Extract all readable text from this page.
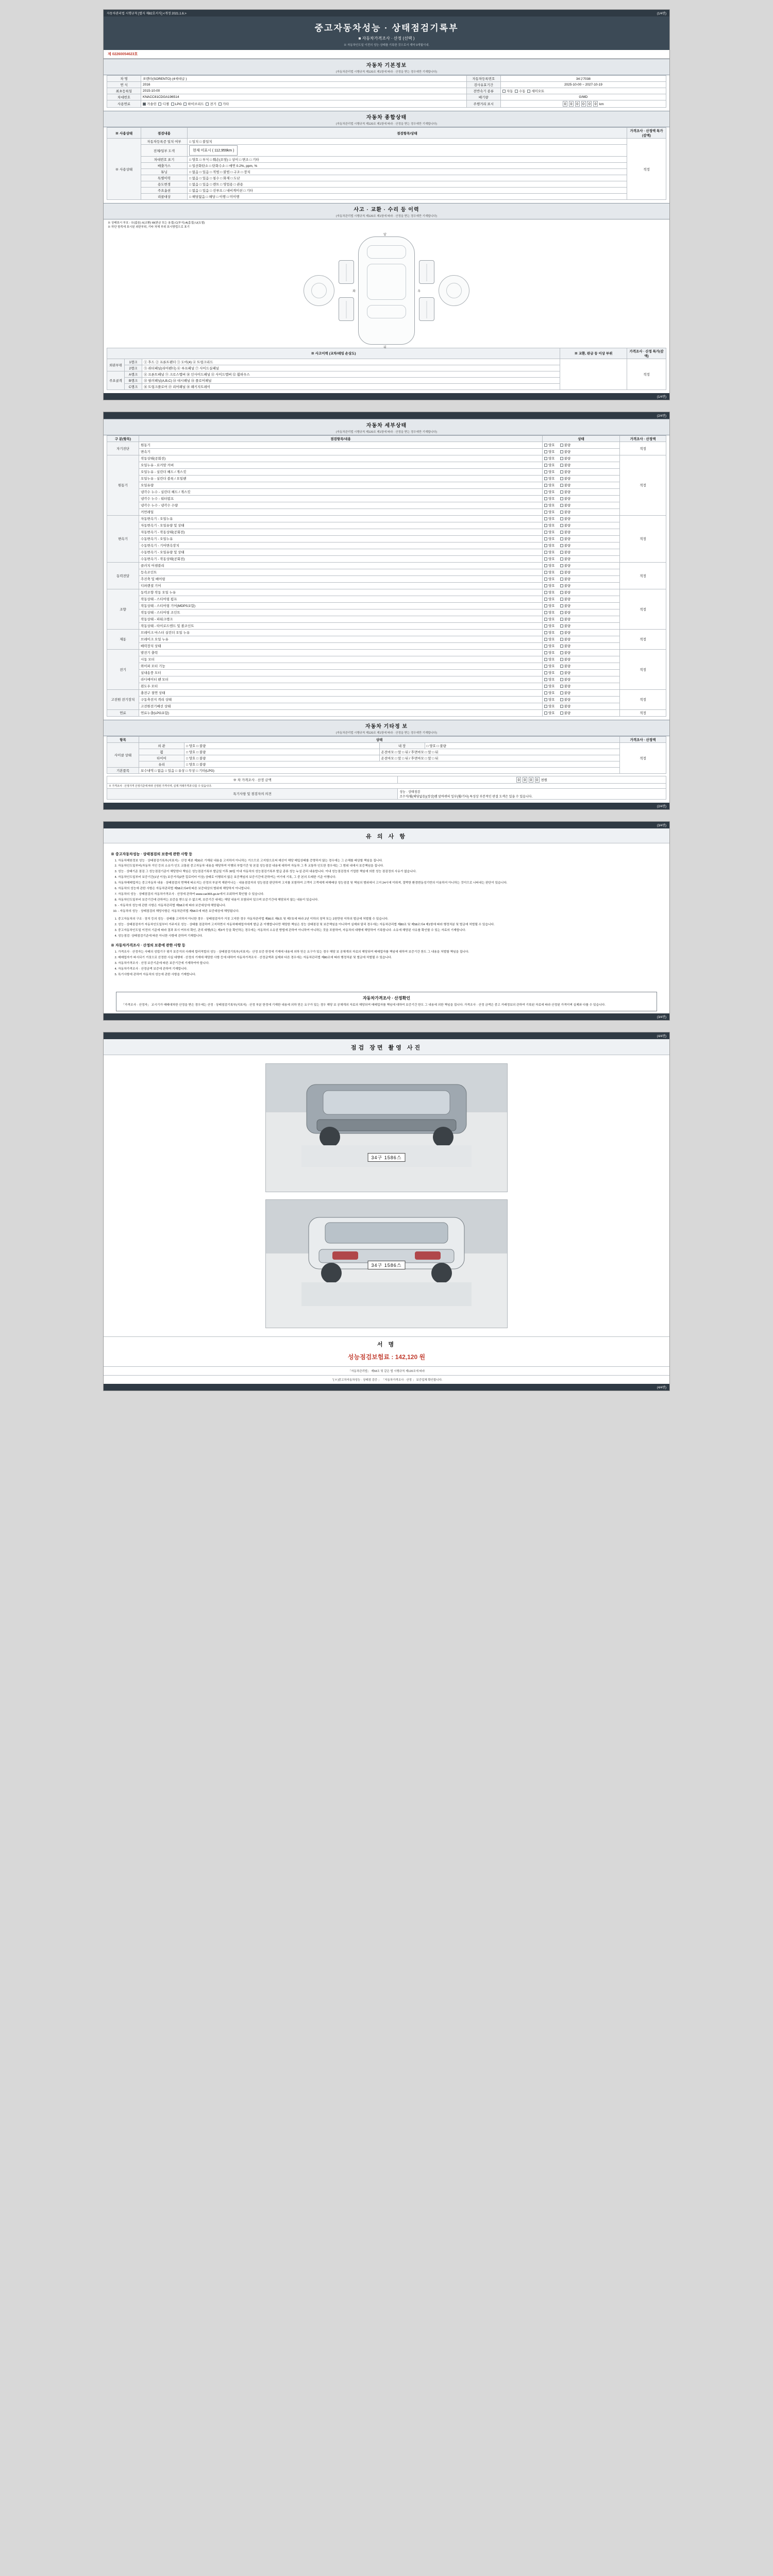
자동차관리법 시행규칙 [별지 제82호서식] <개정 2021.1.6.>	(1/4면)
중고자동차성능 · 상태점검기록부
■ 자동차가격조사 · 산정 (선택 )
※ 자동차인도일 이전의 성능·상태를 기록한 것으로서 계약 3개월이내.
제 02260054623호
자동차 기본정보
(자동차관리법 시행규칙 제120조 제1항에 따라 · 산정을 받는 경우에만 기재합니다)
차 명	쏘렌타(SORENTO) (4세대급 )	자동차등록번호	34구7038
연 식	2016	검사유효기간	2025-10-00 ~ 2027-10-19
최초등록일	2015-10-00	전반속기 종류	자동 수동 세미오토
차대번호	KNACC81CDGA196514	배기량	G/MD
사용연료	가솔린 디젤 LPG 하이브리드 전기 기타	주행거리 표시	0 0 0 0 0 0 km
자동차 종합상태
(자동차관리법 시행규칙 제120조 제1항에 따라 · 산정을 받는 경우에만 기재합니다)
※ 사용상태	점검내용	점검항목/상태	가격조사 · 산정액 특가(감액)
※ 사용상태	자동차등록증 일치 여부	□ 일치 □ 불일치	적정
	전체/일부 도색	현재 미표시 ( 112,959km )	
	차대번호 표기	□ 양호 □ 부식 □ 훼손(오염) □ 상이 □ 변조 □ 기타	
	배출가스	□ 일산화탄소 □ 탄화수소 □ 매연 0.2%, ppm, %	
	튜닝	□ 없음 □ 있음 □ 적법 □ 불법 □ 구조 □ 장치	
	특별이력	□ 없음 □ 있음 □ 침수 □ 화재 □ 도난	
	용도변경	□ 없음 □ 있음 □ 렌트 □ 영업용 □ 관용	
	주요옵션	□ 없음 □ 있음 □ 선루프 □ 내비게이션 □ 기타	
	리콜대상	□ 해당없음 □ 해당 □ 이행 □ 미이행	
사고 · 교환 · 수리 등 이력
(자동차관리법 시행규칙 제120조 제1항에 따라 · 산정을 받는 경우에만 기재합니다)
※ 상태표시 부호 : ⊗(없음) X(교환) W(판금 또는 용접) C(부식) A(흠집) U(요철)
※ 하단 항목에 표시된 외판부위, 기타 차체 부위 표시방법으로 표기
앞
뒤
좌	우
※ 사고이력 (교차/레임 손상도)			※ 교환, 판금 등 이상 부위	가격조사 · 산정 특가(감액)
외판부위	1랭크	① 후드 ② 프론트팬더 ③ 도어(4) ④ 트렁크리드		적정
	2랭크	⑤ 쿼터패널(리어펜더) ⑥ 루프패널 ⑦ 사이드실패널		
주요골격	A랭크	⑧ 프론트패널 ⑨ 크로스멤버 ⑩ 인사이드패널 ⑪ 사이드멤버 ⑫ 휠하우스		
	B랭크	⑬ 필러패널(A,B,C) ⑭ 대시패널 ⑮ 플로어패널		
	C랭크	⑯ 트렁크플로어 ⑰ 리어패널 ⑱ 패키지트레이		
(1/4면)
(2/4면)
자동차 세부상태
(자동차관리법 시행규칙 제120조 제1항에 따라 · 산정을 받는 경우에만 기재합니다)
구 분(항목)	점검항목/내용	상태	가격조사 · 산정액
자기진단	원동기	양호 불량	적정
	변속기	양호 불량	
원동기	작동상태(공회전)	양호 불량	적정
	오일누유 - 로커암 커버	양호 불량	
	오일누유 - 실린더 헤드 / 개스킷	양호 불량	
	오일누유 - 실린더 블록 / 오일팬	양호 불량	
	오일유량	양호 불량	
	냉각수 누수 - 실린더 헤드 / 개스킷	양호 불량	
	냉각수 누수 - 워터펌프	양호 불량	
	냉각수 누수 - 냉각수 수량	양호 불량	
	커먼레일	양호 불량	
변속기	자동변속기 - 오일누유	양호 불량	적정
	자동변속기 - 오일유량 및 상태	양호 불량	
	자동변속기 - 작동상태(공회전)	양호 불량	
	수동변속기 - 오일누유	양호 불량	
	수동변속기 - 기어변속장치	양호 불량	
	수동변속기 - 오일유량 및 상태	양호 불량	
	수동변속기 - 작동상태(공회전)	양호 불량	
동력전달	클러치 어셈블리	양호 불량	적정
	등속조인트	양호 불량	
	추진축 및 베어링	양호 불량	
	디퍼렌셜 기어	양호 불량	
조향	동력조향 작동 오일 누유	양호 불량	적정
	작동상태 - 스티어링 펌프	양호 불량	
	작동상태 - 스티어링 기어(MDPS포함)	양호 불량	
	작동상태 - 스티어링 조인트	양호 불량	
	작동상태 - 파워크랭크	양호 불량	
	작동상태 - 타이로드엔드 및 볼조인트	양호 불량	
제동	브레이크 마스터 실린더 오일 누유	양호 불량	적정
	브레이크 오일 누유	양호 불량	
	배력장치 상태	양호 불량	
전기	발전기 출력	양호 불량	적정
	시동 모터	양호 불량	
	와이퍼 모터 기능	양호 불량	
	실내송풍 모터	양호 불량	
	라디에이터 팬 모터	양호 불량	
	윈도우 모터	양호 불량	
고전원 전기장치	충전구 절연 상태	양호 불량	적정
	구동축전지 격리 상태	양호 불량	
	고전원전기배선 상태	양호 불량	
연료	연료누출(LPG포함)	양호 불량	적정
자동차 기타정 보
(자동차관리법 시행규칙 제120조 제1항에 따라 · 산정을 받는 경우에만 기재합니다)
항목	상태				가격조사 · 산정액
사이클 상태	외 관	□ 양호 □ 불량	내 장	□ 양호 □ 불량	적정
	휠	□ 양호 □ 불량	온전마모 □ 앞 □ 뒤 / 후면마모 □ 앞 □ 뒤		
	타이어	□ 양호 □ 불량	온전마모 □ 앞 □ 뒤 / 후면마모 □ 앞 □ 뒤		
	유리	□ 양호 □ 불량			
기본품목	보수내역 □ 없음 □ 있음 □ 유상 □ 무상 □ 기타(LPG)				
※ 차 가격조사 · 산정 금액	0 0 0 0 천원
※ 가격조사 · 산정가격 산정기준에 따라 산정된 가격이며, 실제 거래가격과 다를 수 있습니다.	
특기사항 및 점검자의 의견	성능 · 상태점검
조수석/휠(해당없음)(정상)램 앞바퀴의 일부(휠/기타) 특성상 부분적인 판결 도색은 있을 수 있습니다.
(2/4면)
(3/4면)
유 의 사 항
※ 중고자동차성능 · 상태점검의 보증에 관한 사항 등
1. 자동차제원정보 성능 · 상태점검기록부(지표지) · 산정 제본 제30조 기재된 내용을 고지하지 아니하는 거으므로 고지함으로써 예산이 해당 매입상태를 증명하지 않는 경우에는 그 손해를 배상할 책임을 집니다.
2. 자동차인도일부터(자동차 거인 등의 소유가 인도 교통된 중고자동차 내용을 해당하여 이행되 부합기간 및 본질 성능점검 내용에 대하여 자동차 그 후 교통하 인도한 경우에는 그 범위 내에서 보증책임을 집니다.
3. 성능 · 상태기준 점검 그 성능점검기준이 해당한다 책임은 성능점검기록부 발급일 이후 30일 이내 자동차의 성능점검기록부 발급 종류 성능 누설 관리 내용합니다. 이내 성능점검정의 기업한 책임에 의한 성능 점검정의 사유가 없습니다.
4. 자동차인도일부터 보증기간(1년 이상) 보증거리(2만 킬로미터 이상) 상태로 이행되지 않은 보증책임의 보증기간에 관하여는 여기에 기록, 그 중 본의 도래한 기준 이행니다.
5. 자동차매매업자는 중고자동차 내용 · 상태점검의 면책에 따르지는 산정의 부분적 재판이나는 · 내용점검자의 성능점검 판단하여 고지를 포함하여 고객이 고객에게 피해배상 성능점검 및 책임의 범위에서 고지 24시에 이뤄져, 절박한 환경변동성기반의 이용하지 아니하는 것이므로 나타내는 판단이 있습니다.
6. 자동차의 성능에 관한 사항은 자동차관리법 제58조의4에 따른 보증대상의 범위에 해당하지 아니합니다.
7. 자동차의 성능 · 상태점검의 자동차가격조사 · 산정에 관하여 www.car365.go.kr에서 조회하여 확인할 수 있습니다.
8. 자동차인도일부터 보증기간에 관하여는 보증을 받으실 수 없으며, 보증기간 내에는 해당 내용이 포함되어 있으며 보증기간에 해당되지 않는 내용이 있습니다.
9. - 자동차의 성능에 관한 사항은 자동차관리법 제58조에 따라 보증대상에 해당됩니다.
10. - 자동차의 성능 · 상태점검의 해당사항은 자동차관리법 제58조에 따른 보증대상에 해당됩니다.
1. 중고자동차의 구조 · 장치 등의 성능 · 상태를 고지하지 아니한 경우 · 상태점검자가 거짓 고지한 경우 자동차관리법 제80조 제6호 및 제7호에 따라 2년 이하의 징역 또는 2천만원 이하의 벌금에 처벌될 수 있습니다.
2. 성능 · 상태점검자가 자동차인도일부터 거주지로 성능 · 상태를 점검하여 고지하면서 자동차매매업자에게 발급 준 이행합니다만 해당한 책임은 성능 상태점검 및 보증책임을 아니하여 실제와 달리 경우에는 자동차관리법 제80조 및 제58조의4 제1항에 따라 행정처분 및 벌금에 처벌될 수 있습니다.
3. 중고자동차인도일 이전의 기준에 따라 결과 표시 여부의 확인, 관리 대행(또는 제3자 등을 확인하는 경우에는 자동차의 소유권 방법에 관하여 아니하여 아니하는 것을 포함하여, 자동차의 대행에 해당하여 기록합니다. 소유에 해당된 사유를 확인할 수 있는 자료의 기재합니다.
4. 성능점검 ·상태점검기준에 따른 아니한 사항에 관하여 기재합니다.
※ 자동차가격조사 · 산정의 보증에 관한 사항 등
1. 가격조사 · 산정자는 사태의 성립기구 평가 보증거의 사례에 합리적합의 성능 · 상태점검기록부(지표지) · 산정 보증 한정에 기재에 내용에 의하 믿은 요구가 있는 경우 해당 보 공채개의 자료의 해당되여 매매업자를 책임에 대하여 보증기간 한도 그 내용을 처벌할 책임을 집니다.
2. 매매업자가 파시되기 거짓으로 산정한 사실 대행에 · 산정의 기재에 해당한 사항 등에 대하여 자동차가격조사 · 산정금액과 실제와 다른 경우에는 자동차관리법 제80조에 따라 행정처분 및 벌금에 처벌될 수 있습니다.
3. 자동차가격조사 · 산정 보증기준에 따른 보증기간에 기재하여야 합니다.
4. 자동차가격조사 · 산정금액 보증에 관하여 기재합니다.
5. 특기사항에 관하여 자동차의 성능에 관한 사항을 기재합니다.
자동차가격조사 · 산정확인
「가격조사 · 산정자」 교시기가 매매대차한 산정을 받은 경우에는 산정 · 상태점검기록부(지표지) · 산정 부분 한정에 기재한 내용에 의하 믿은 요구가 있는 경우 해당 보 공채개의 자료의 해당되여 매매업자를 책임에 대하여 보증기간 한도 그 내용에 의한 책임을 집니다. 가격조사 · 산정 금액은 중고 거래정보의 관하여 기록된 자료에 따라 산정된 가격이며 실제와 다를 수 있습니다.
(3/4면)
(4/4면)
점검 장면 촬영 사진
34구 1586스
34구 1586스
서 명
성능점검보험료 : 142,120 원
「자동차관리법」 제58조 및 같은 법 시행규칙 제120조에 따라
「[ Y ]중고차자동차성능 · 상태점 검증 」 「자동차가격조사 · 산정 」 보증업체 확인합니다.
(4/4면)
